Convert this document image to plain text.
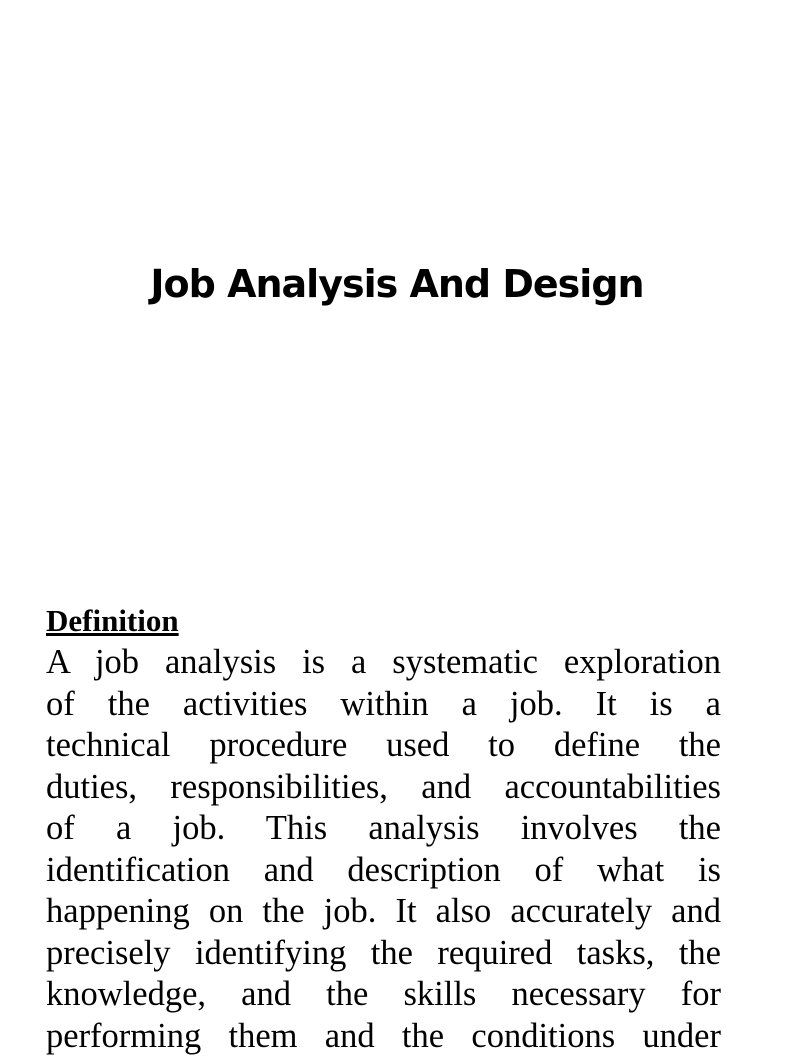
Job Analysis And Design
Definition
A job analysis is a systematic exploration
of the activities within a job. It is a
technical procedure used to define the
duties, responsibilities, and accountabilities
of a job. This analysis involves the
identification and description of what is
happening on the job. It also accurately and
precisely identifying the required tasks, the
knowledge, and the skills necessary for
performing them and the conditions under
